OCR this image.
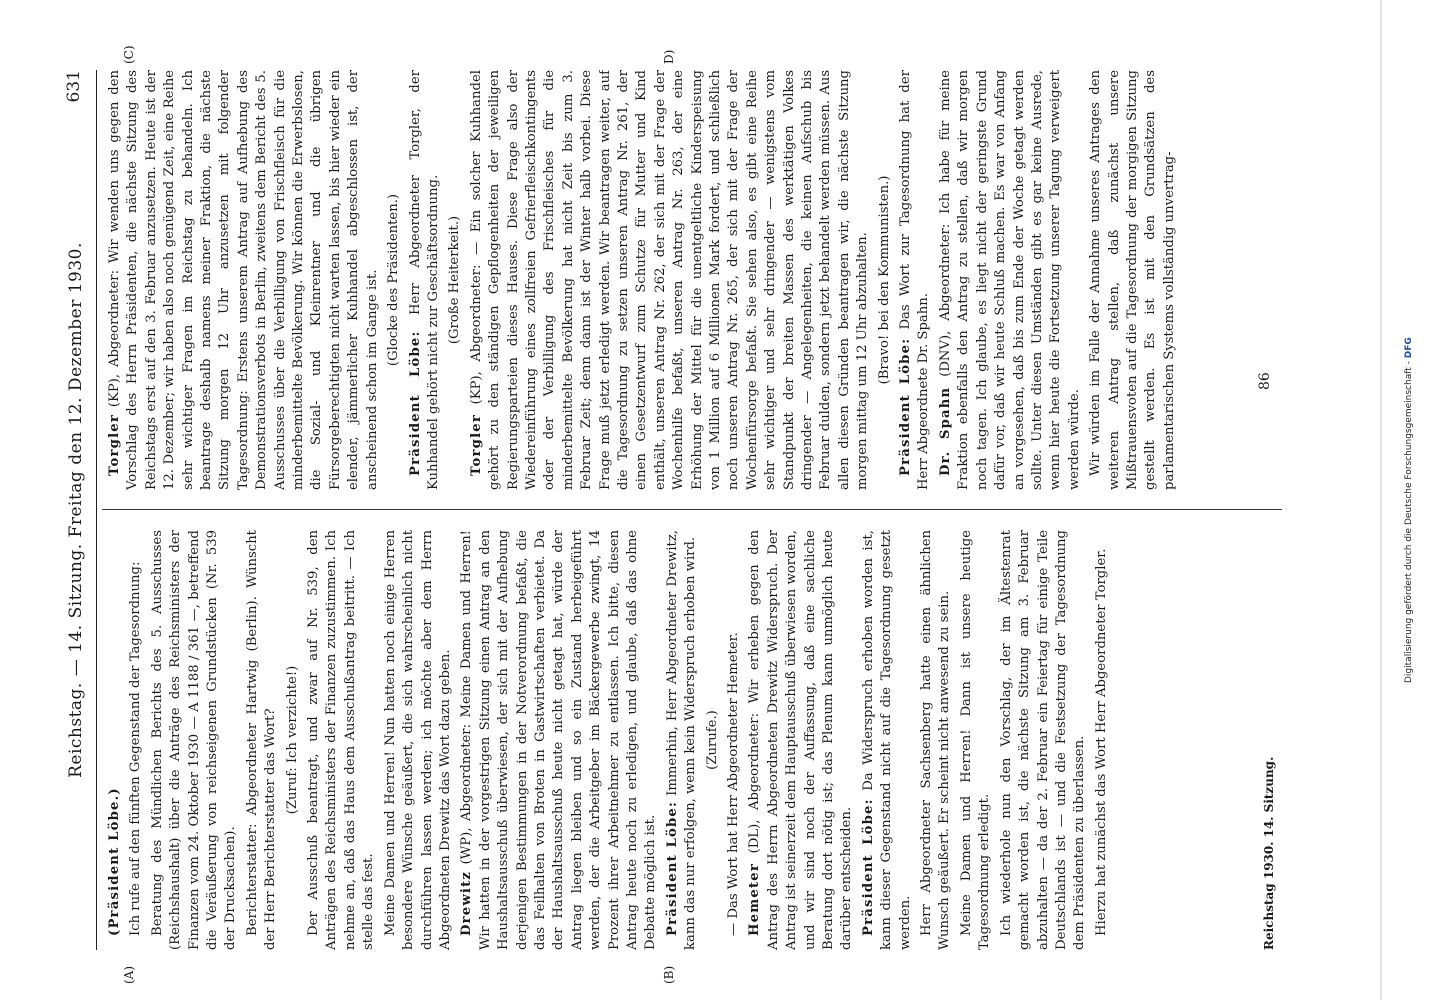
Reichstag. — 14. Sitzung. Freitag den 12. Dezember 1930.
631

(Präsident Löbe.) Ich rufe auf den fünften Gegenstand der Tagesordnung: Beratung des Mündlichen Berichts des 5. Ausschusses (Reichshaushalt) über die Anträge des Reichsministers der Finanzen vom 24. Oktober 1930 — A 1188 / 361 —, betreffend die Veräußerung von reichseigenen Grundstücken (Nr. 539 der Drucksachen). Berichterstatter: Abgeordneter Hartwig (Berlin). Wünscht der Herr Berichterstatter das Wort? (Zuruf: Ich verzichte!) Der Ausschuß beantragt, und zwar auf Nr. 539, den Anträgen des Reichsministers der Finanzen zuzustimmen. Ich nehme an, daß das Haus dem Ausschußantrag beitritt. — Ich stelle das fest. Meine Damen und Herren! Nun hatten noch einige Herren besondere Wünsche geäußert, die sich wahrscheinlich nicht durchführen lassen werden; ich möchte aber dem Herrn Abgeordneten Drewitz das Wort dazu geben. Drewitz (WP), Abgeordneter: Meine Damen und Herren! Wir hatten in der vorgestrigen Sitzung einen Antrag an den Haushaltsausschuß überwiesen, der sich mit der Aufhebung derjenigen Bestimmungen in der Notverordnung befaßt, die das Feilhalten von Broten in Gastwirtschaften verbietet. Da der Haushaltsausschuß heute nicht getagt hat, würde der Antrag liegen bleiben und so ein Zustand herbeigeführt werden, der die Arbeitgeber im Bäckergewerbe zwingt, 14 Prozent ihrer Arbeitnehmer zu entlassen. Ich bitte, diesen Antrag heute noch zu erledigen, und glaube, daß das ohne Debatte möglich ist. Präsident Löbe: Immerhin, Herr Abgeordneter Drewitz, kann das nur erfolgen, wenn kein Widerspruch erhoben wird. (Zurufe.) — Das Wort hat Herr Abgeordneter Hemeter. Hemeter (DL), Abgeordneter: Wir erheben gegen den Antrag des Herrn Abgeordneten Drewitz Widerspruch. Der Antrag ist seinerzeit dem Hauptausschuß überwiesen worden, und wir sind noch der Auffassung, daß eine sachliche Beratung dort nötig ist; das Plenum kann unmöglich heute darüber entscheiden. Präsident Löbe: Da Widerspruch erhoben worden ist, kann dieser Gegenstand nicht auf die Tagesordnung gesetzt werden. Herr Abgeordneter Sachsenberg hatte einen ähnlichen Wunsch geäußert. Er scheint nicht anwesend zu sein. Meine Damen und Herren! Dann ist unsere heutige Tagesordnung erledigt. Ich wiederhole nun den Vorschlag, der im Ältestenrat gemacht worden ist, die nächste Sitzung am 3. Februar abzuhalten — da der 2. Februar ein Feiertag für einige Teile Deutschlands ist — und die Festsetzung der Tagesordnung dem Präsidenten zu überlassen. Hierzu hat zunächst das Wort Herr Abgeordneter Torgler.

Torgler (KP), Abgeordneter: Wir wenden uns gegen den Vorschlag des Herrn Präsidenten, die nächste Sitzung des Reichstags erst auf den 3. Februar anzusetzen. Heute ist der 12. Dezember; wir haben also noch genügend Zeit, eine Reihe sehr wichtiger Fragen im Reichstag zu behandeln. Ich beantrage deshalb namens meiner Fraktion, die nächste Sitzung morgen 12 Uhr anzusetzen mit folgender Tagesordnung: Erstens unserem Antrag auf Aufhebung des Demonstrationsverbots in Berlin, zweitens dem Bericht des 5. Ausschusses über die Verbilligung von Frischfleisch für die minderbemittelte Bevölkerung. Wir können die Erwerbslosen, die Sozial- und Kleinrentner und die übrigen Fürsorgeberechtigten nicht warten lassen, bis hier wieder ein elender, jämmerlicher Kuhhandel abgeschlossen ist, der anscheinend schon im Gange ist. (Glocke des Präsidenten.)

Präsident Löbe: Herr Abgeordneter Torgler, der Kuhhandel gehört nicht zur Geschäftsordnung. (Große Heiterkeit.)

Torgler (KP), Abgeordneter: — Ein solcher Kuhhandel gehört zu den ständigen Gepflogenheiten der jeweiligen Regierungsparteien dieses Hauses. Diese Frage also der Wiedereinführung eines zollfreien Gefrierfleischkontingents oder der Verbilligung des Frischfleisches für die minderbemittelte Bevölkerung hat nicht Zeit bis zum 3. Februar Zeit; denn dann ist der Winter halb vorbei. Diese Frage muß jetzt erledigt werden. Wir beantragen weiter, auf die Tagesordnung zu setzen unseren Antrag Nr. 261, der einen Gesetzentwurf zum Schutze für Mutter und Kind enthält, unseren Antrag Nr. 262, der sich mit der Frage der Wochenhilfe befaßt, unseren Antrag Nr. 263, der eine Erhöhung der Mittel für die unentgeltliche Kinderspeisung von 1 Million auf 6 Millionen Mark fordert, und schließlich noch unseren Antrag Nr. 265, der sich mit der Frage der Wochenfürsorge befaßt. Sie sehen also, es gibt eine Reihe sehr wichtiger und sehr dringender — wenigstens vom Standpunkt der breiten Massen des werktätigen Volkes dringender — Angelegenheiten, die keinen Aufschub bis Februar dulden, sondern jetzt behandelt werden müssen. Aus allen diesen Gründen beantragen wir, die nächste Sitzung morgen mittag um 12 Uhr abzuhalten. (Bravo! bei den Kommunisten.)

Präsident Löbe: Das Wort zur Tagesordnung hat der Herr Abgeordnete Dr. Spahn. Dr. Spahn (DNV), Abgeordneter: Ich habe für meine Fraktion ebenfalls den Antrag zu stellen, daß wir morgen noch tagen. Ich glaube, es liegt nicht der geringste Grund dafür vor, daß wir heute Schluß machen. Es war von Anfang an vorgesehen, daß bis zum Ende der Woche getagt werden sollte. Unter diesen Umständen gibt es gar keine Ausrede, wenn hier heute die Fortsetzung unserer Tagung verweigert werden würde. Wir würden im Falle der Annahme unseres Antrages den weiteren Antrag stellen, daß zunächst unsere Mißtrauensvoten auf die Tagesordnung der morgigen Sitzung gestellt werden. Es ist mit den Grundsätzen des parlamentarischen Systems vollständig unvertrag-

(A)	(B)
(C)	D)
Reichstag 1930. 14. Sitzung.
86	Digitalisierung gefördert durch die Deutsche Forschungsgemeinschaft - DFG
